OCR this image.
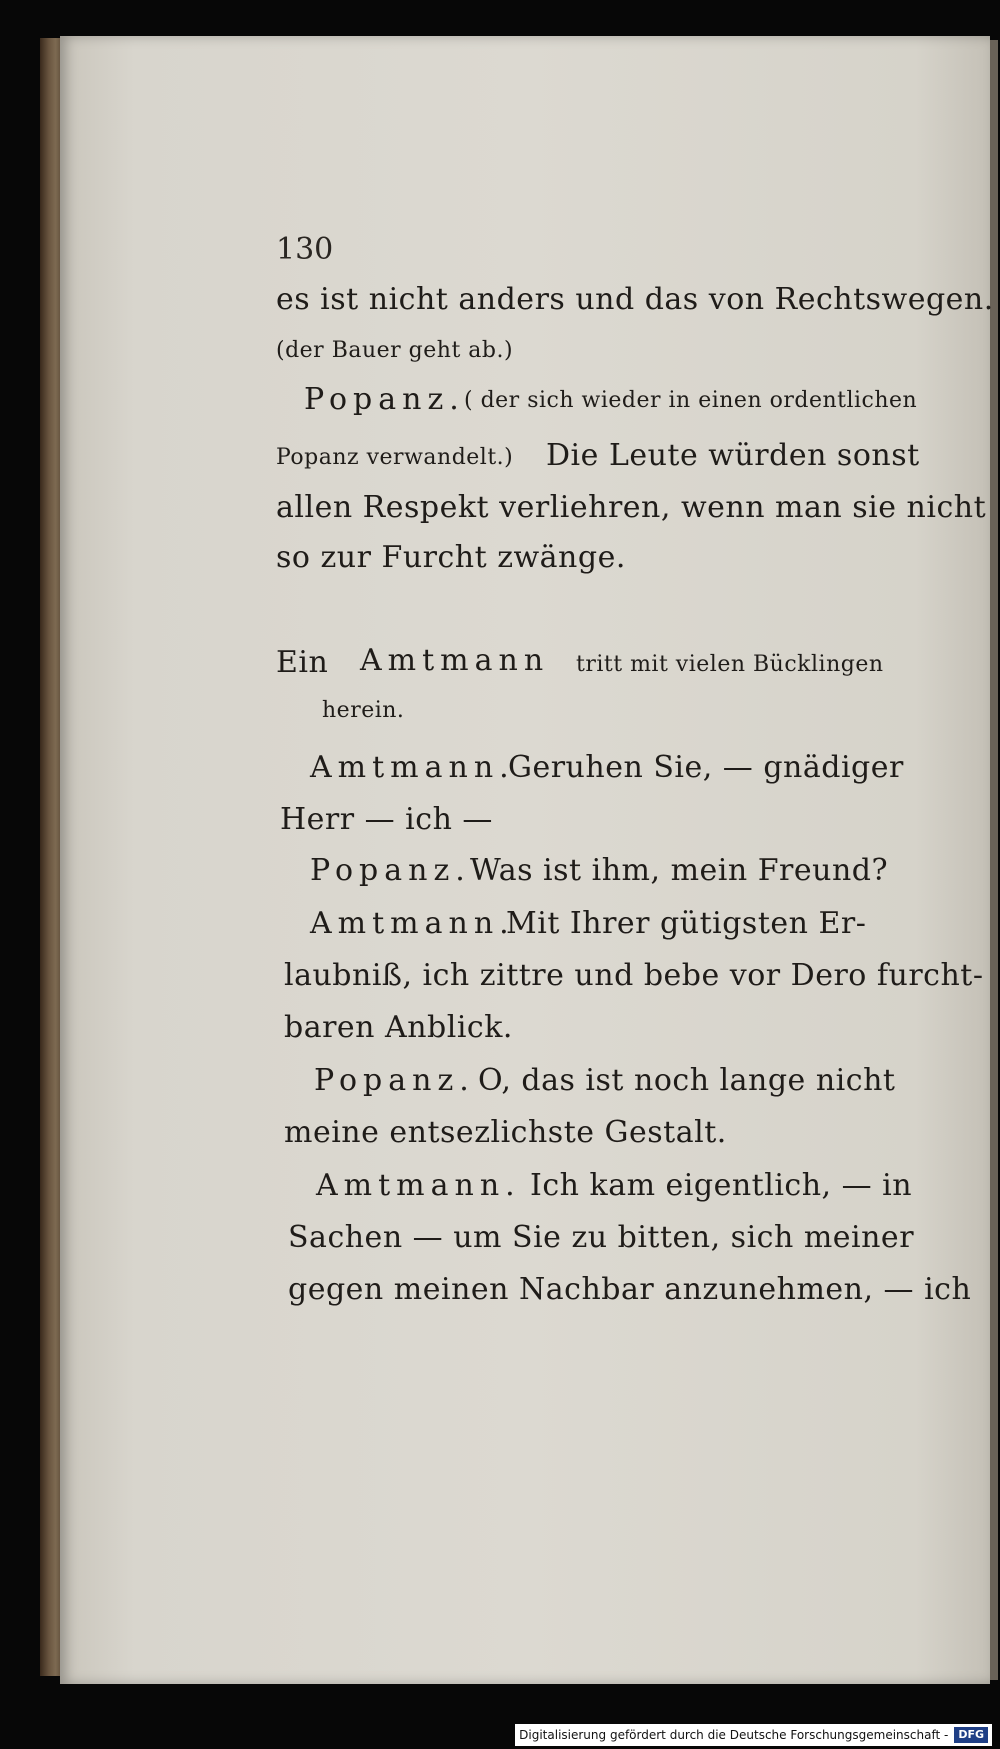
130
es ist nicht anders und das von Rechtswegen.
(der Bauer geht ab.)
Popanz. ( der sich wieder in einen ordentlichen
Popanz verwandelt.) Die Leute würden sonst
allen Respekt verliehren, wenn man sie nicht
so zur Furcht zwänge.
Ein Amtmann tritt mit vielen Bücklingen
herein.
Amtmann.
Geruhen Sie, — gnädiger
Herr — ich —
Popanz. Was ist ihm, mein Freund?
Amtmann.
Mit Ihrer gütigsten Er-
laubniß, ich zittre und bebe vor Dero furcht-
baren Anblick.
Popanz. O, das ist noch lange nicht
meine entsezlichste Gestalt.
Amtmann. Ich kam eigentlich, — in
Sachen — um Sie zu bitten, sich meiner
gegen meinen Nachbar anzunehmen, — ich
Digitalisierung gefördert durch die Deutsche Forschungsgemeinschaft - DFG
